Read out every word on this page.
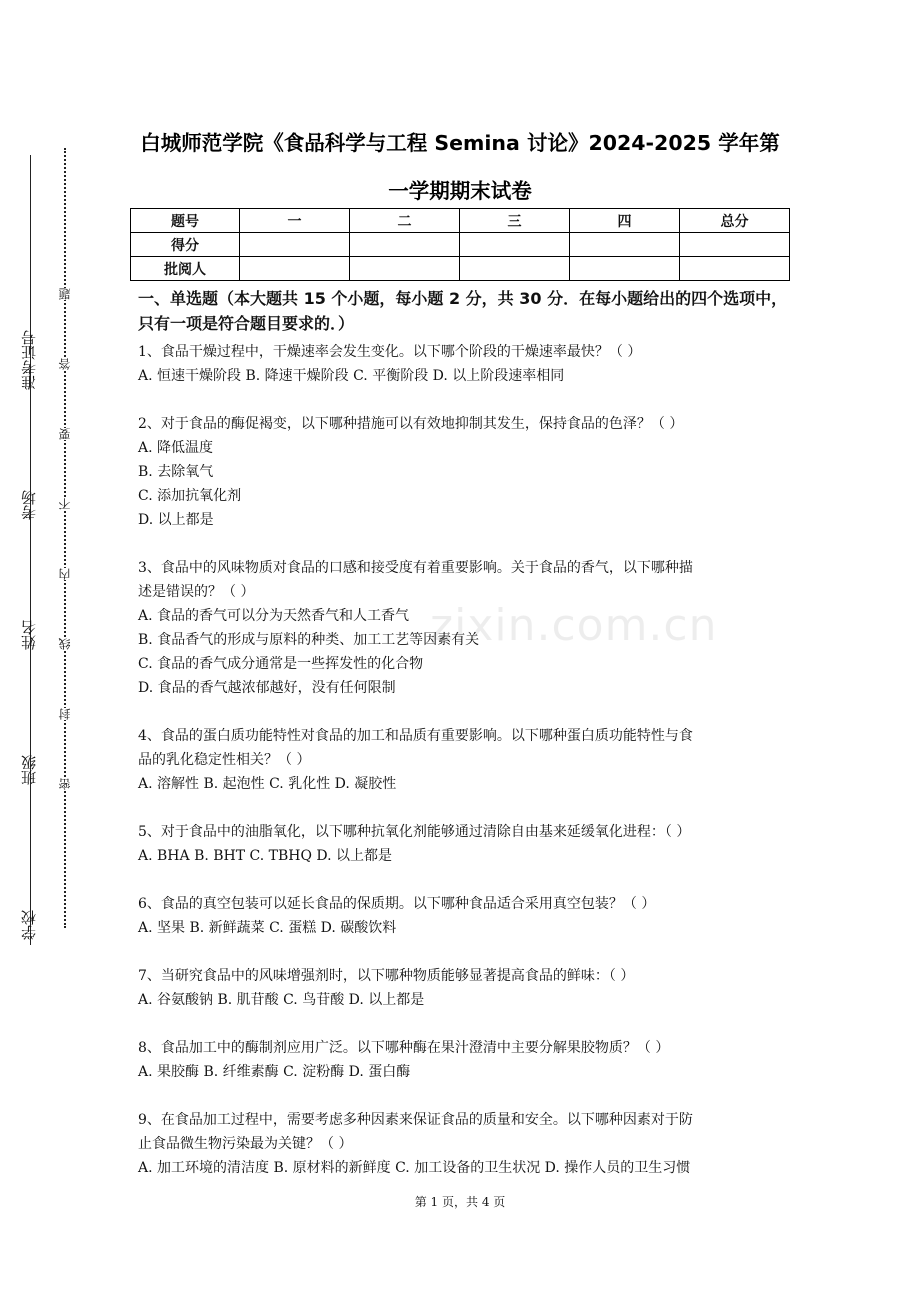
准考证号
考场
姓名
班级
学校
题
答
要
不
内
线
封
密
白城师范学院《食品科学与工程 Semina 讨论》2024-2025 学年第
一学期期末试卷
题号	一	二	三	四	总分
得分					
批阅人					
一、单选题（本大题共 15 个小题，每小题 2 分，共 30 分．在每小题给出的四个选项中，只有一项是符合题目要求的．）
1、食品干燥过程中，干燥速率会发生变化。以下哪个阶段的干燥速率最快？（ ）
A. 恒速干燥阶段 B. 降速干燥阶段 C. 平衡阶段 D. 以上阶段速率相同
2、对于食品的酶促褐变，以下哪种措施可以有效地抑制其发生，保持食品的色泽？（ ）
A. 降低温度
B. 去除氧气
C. 添加抗氧化剂
D. 以上都是
3、食品中的风味物质对食品的口感和接受度有着重要影响。关于食品的香气，以下哪种描
述是错误的？（ ）
A. 食品的香气可以分为天然香气和人工香气
B. 食品香气的形成与原料的种类、加工工艺等因素有关
C. 食品的香气成分通常是一些挥发性的化合物
D. 食品的香气越浓郁越好，没有任何限制
4、食品的蛋白质功能特性对食品的加工和品质有重要影响。以下哪种蛋白质功能特性与食
品的乳化稳定性相关？（ ）
A. 溶解性 B. 起泡性 C. 乳化性 D. 凝胶性
5、对于食品中的油脂氧化，以下哪种抗氧化剂能够通过清除自由基来延缓氧化进程：（ ）
A. BHA B. BHT C. TBHQ D. 以上都是
6、食品的真空包装可以延长食品的保质期。以下哪种食品适合采用真空包装？（ ）
A. 坚果 B. 新鲜蔬菜 C. 蛋糕 D. 碳酸饮料
7、当研究食品中的风味增强剂时，以下哪种物质能够显著提高食品的鲜味：（ ）
A. 谷氨酸钠 B. 肌苷酸 C. 鸟苷酸 D. 以上都是
8、食品加工中的酶制剂应用广泛。以下哪种酶在果汁澄清中主要分解果胶物质？（ ）
A. 果胶酶 B. 纤维素酶 C. 淀粉酶 D. 蛋白酶
9、在食品加工过程中，需要考虑多种因素来保证食品的质量和安全。以下哪种因素对于防
止食品微生物污染最为关键？（ ）
A. 加工环境的清洁度 B. 原材料的新鲜度 C. 加工设备的卫生状况 D. 操作人员的卫生习惯
zixin.com.cn
第 1 页，共 4 页
